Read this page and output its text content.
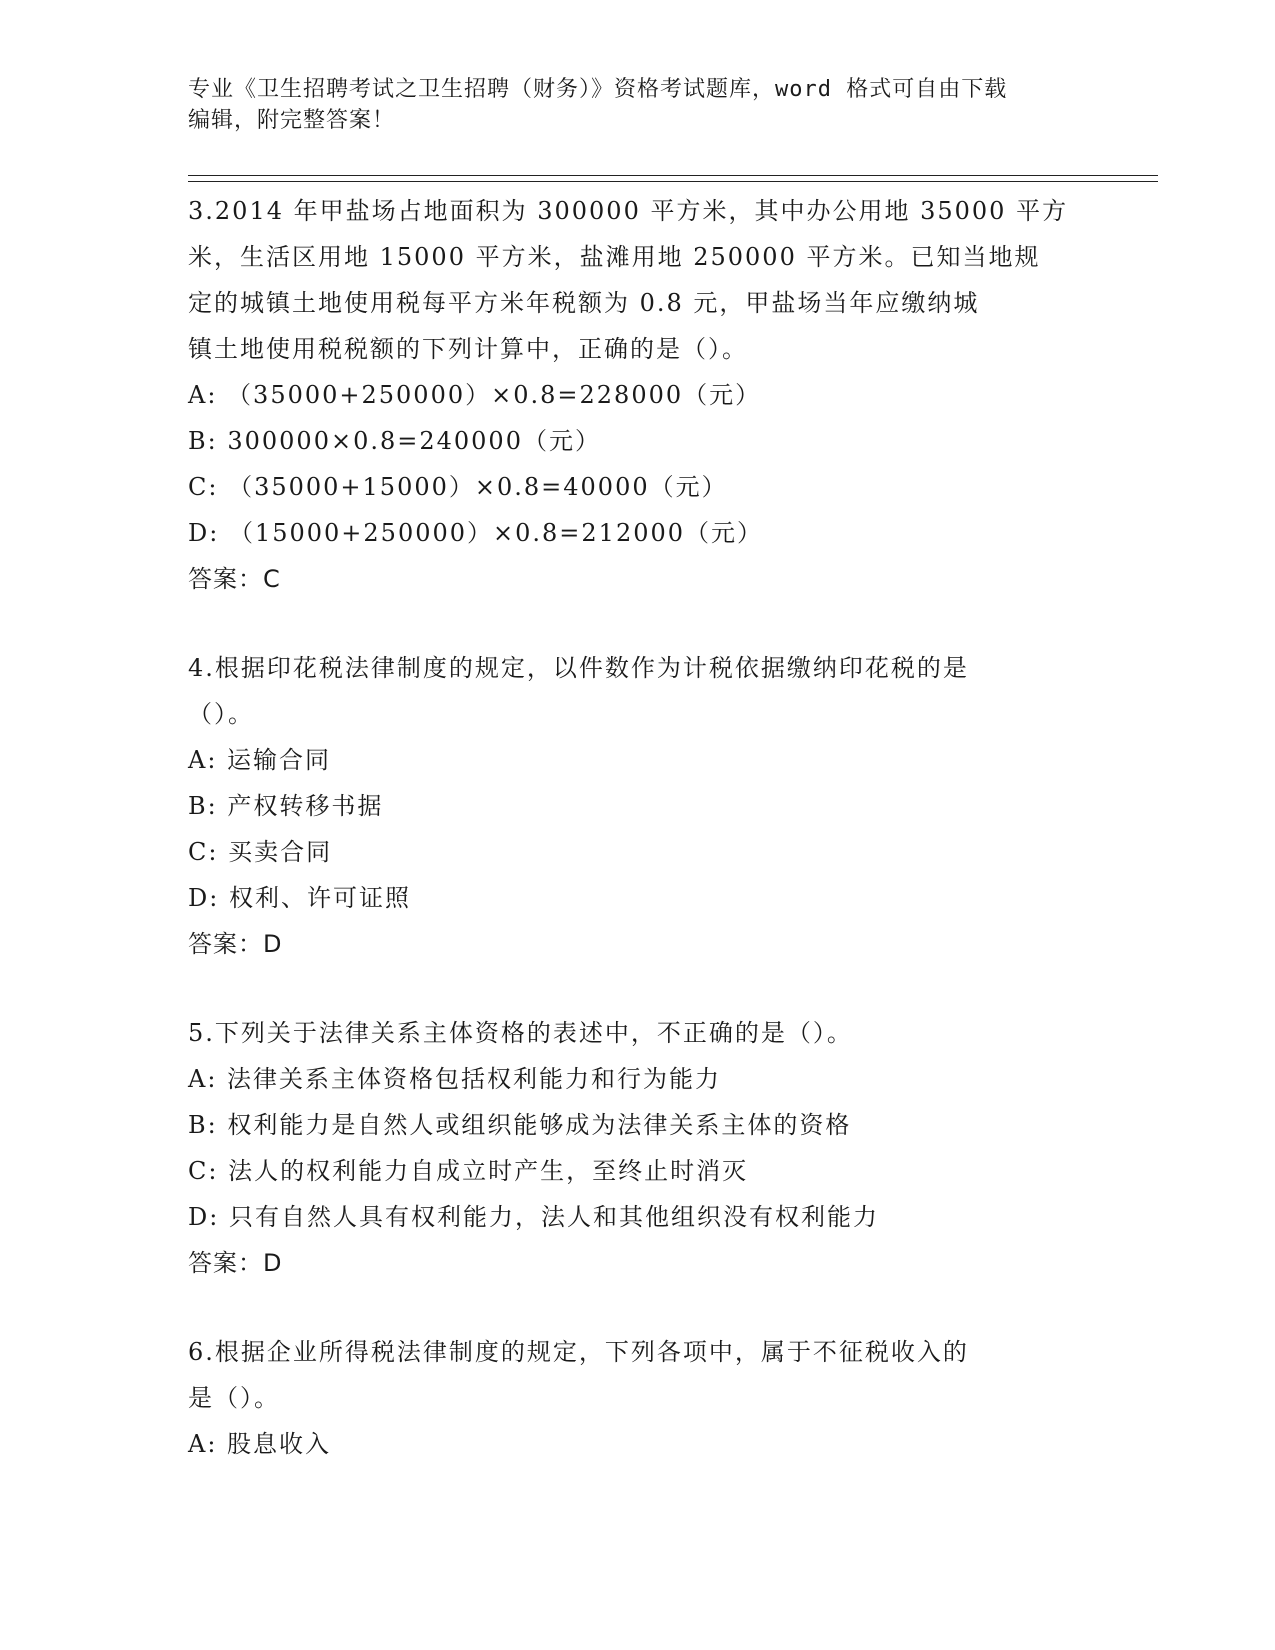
专业《卫生招聘考试之卫生招聘（财务）》资格考试题库，word 格式可自由下载
编辑，附完整答案！
3.2014 年甲盐场占地面积为 300000 平方米，其中办公用地 35000 平方
米，生活区用地 15000 平方米，盐滩用地 250000 平方米。已知当地规
定的城镇土地使用税每平方米年税额为 0.8 元，甲盐场当年应缴纳城
镇土地使用税税额的下列计算中，正确的是（）。
A: （35000+250000）×0.8=228000（元）
B: 300000×0.8=240000（元）
C: （35000+15000）×0.8=40000（元）
D: （15000+250000）×0.8=212000（元）
答案：C
4.根据印花税法律制度的规定，以件数作为计税依据缴纳印花税的是
（）。
A: 运输合同
B: 产权转移书据
C: 买卖合同
D: 权利、许可证照
答案：D
5.下列关于法律关系主体资格的表述中，不正确的是（）。
A: 法律关系主体资格包括权利能力和行为能力
B: 权利能力是自然人或组织能够成为法律关系主体的资格
C: 法人的权利能力自成立时产生，至终止时消灭
D: 只有自然人具有权利能力，法人和其他组织没有权利能力
答案：D
6.根据企业所得税法律制度的规定，下列各项中，属于不征税收入的
是（）。
A: 股息收入
